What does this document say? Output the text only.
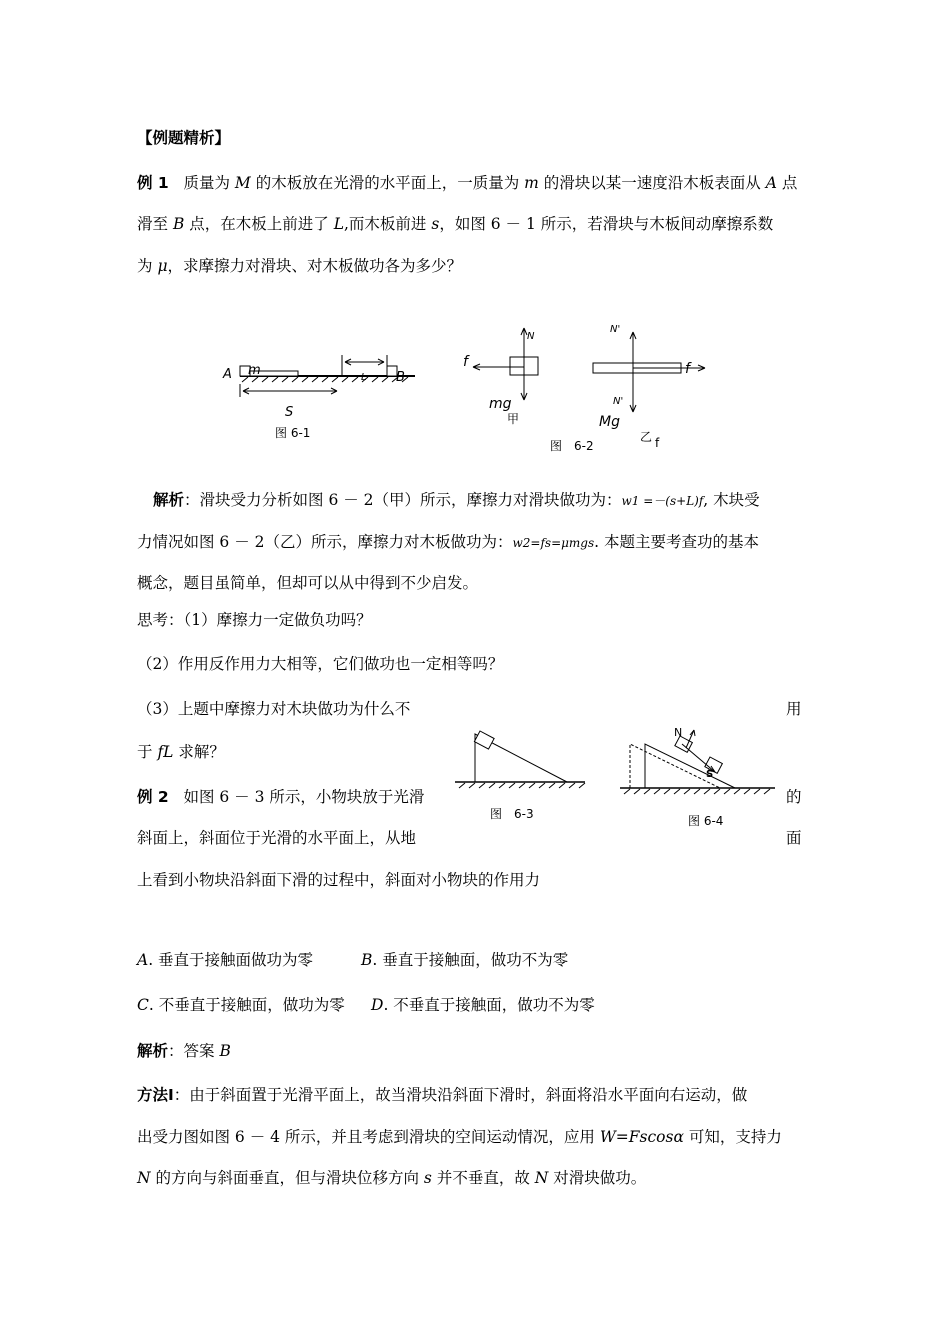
【例题精析】
例 1 质量为 M 的木板放在光滑的水平面上，一质量为 m 的滑块以某一速度沿木板表面从 A 点
滑至 B 点，在木板上前进了 L,而木板前进 s，如图 6 － 1 所示，若滑块与木板间动摩擦系数
为 μ，求摩擦力对滑块、对木板做功各为多少？
A m	L B
S
图 6-1
N
f
mg
甲
N'
N'
f
Mg
乙 f
图　6-2
解析：滑块受力分析如图 6 － 2（甲）所示，摩擦力对滑块做功为：w1 =－(s+L)f, 木块受
力情况如图 6 － 2（乙）所示，摩擦力对木板做功为：w2=fs=μmgs. 本题主要考查功的基本
概念，题目虽简单，但却可以从中得到不少启发。
思考：（1）摩擦力一定做负功吗？
（2）作用反作用力大相等，它们做功也一定相等吗？
（3）上题中摩擦力对木块做功为什么不	用
于 fL 求解？
例 2 如图 6 － 3 所示，小物块放于光滑	的
斜面上，斜面位于光滑的水平面上，从地	面
上看到小物块沿斜面下滑的过程中，斜面对小物块的作用力
图　6-3
N
S
图 6-4
A. 垂直于接触面做功为零	B. 垂直于接触面，做功不为零
C. 不垂直于接触面，做功为零 D. 不垂直于接触面，做功不为零
解析：答案 B
方法Ⅰ：由于斜面置于光滑平面上，故当滑块沿斜面下滑时，斜面将沿水平面向右运动，做
出受力图如图 6 － 4 所示，并且考虑到滑块的空间运动情况，应用 W=Fscosα 可知，支持力
N 的方向与斜面垂直，但与滑块位移方向 s 并不垂直，故 N 对滑块做功。
